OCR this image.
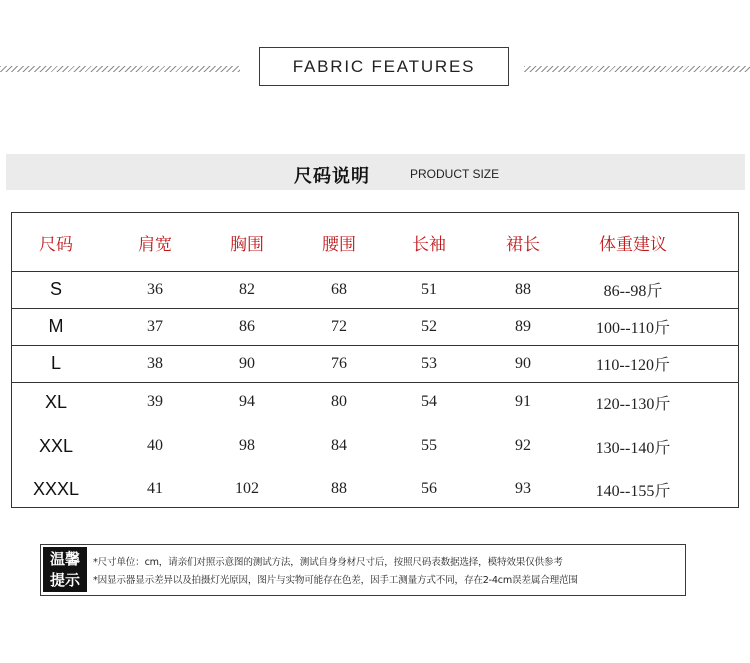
FABRIC FEATURES
尺码说明	PRODUCT SIZE
尺码	肩宽	胸围	腰围	长袖	裙长	体重建议
S	36	82	68	51	88	86--98斤
M	37	86	72	52	89	100--110斤
L	38	90	76	53	90	110--120斤
XL	39	94	80	54	91	120--130斤
XXL	40	98	84	55	92	130--140斤
XXXL	41	102	88	56	93	140--155斤
温馨
提示
*尺寸单位：cm，请亲们对照示意图的测试方法，测试自身身材尺寸后，按照尺码表数据选择，模特效果仅供参考
*因显示器显示差异以及拍摄灯光原因，图片与实物可能存在色差，因手工测量方式不同，存在2-4cm误差属合理范围
